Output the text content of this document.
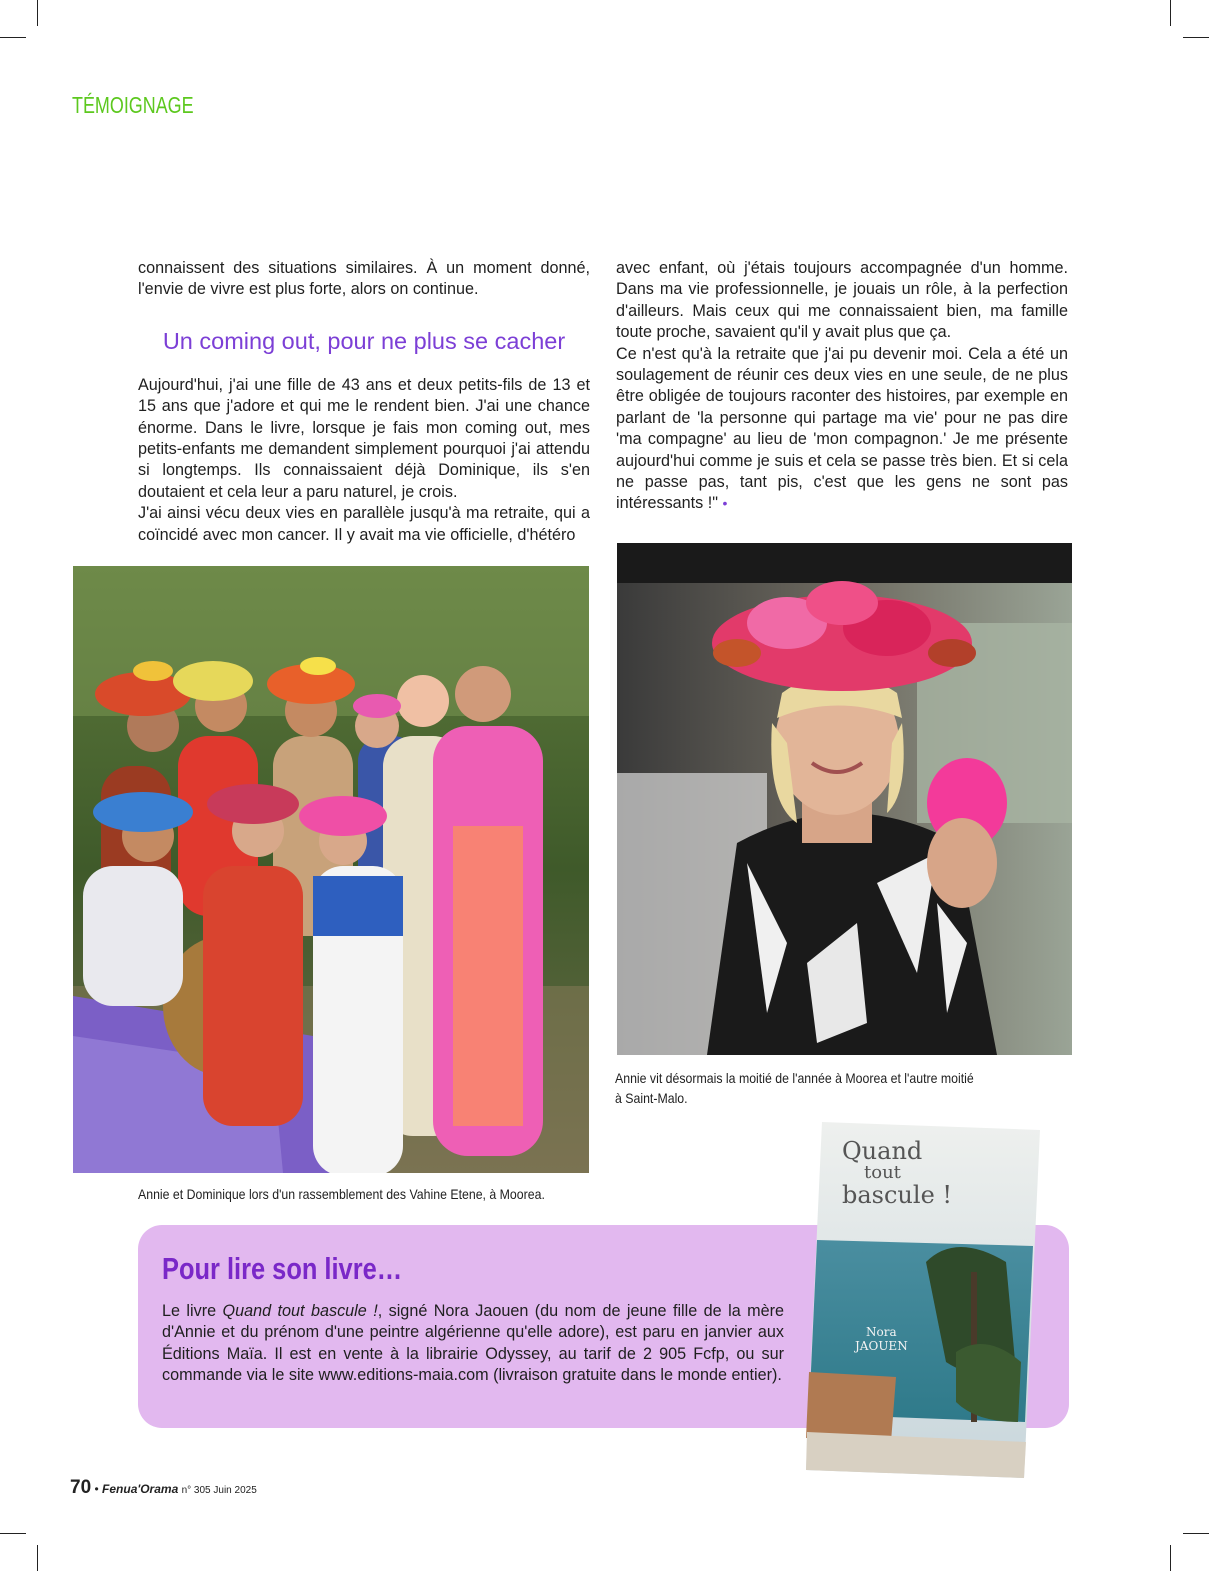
TÉMOIGNAGE

connaissent des situations similaires. À un moment donné, l'envie de vivre est plus forte, alors on continue.

Un coming out, pour ne plus se cacher

Aujourd'hui, j'ai une fille de 43 ans et deux petits-fils de 13 et 15 ans que j'adore et qui me le rendent bien. J'ai une chance énorme. Dans le livre, lorsque je fais mon coming out, mes petits-enfants me demandent simplement pourquoi j'ai attendu si longtemps. Ils connaissaient déjà Dominique, ils s'en doutaient et cela leur a paru naturel, je crois.

J'ai ainsi vécu deux vies en parallèle jusqu'à ma retraite, qui a coïncidé avec mon cancer. Il y avait ma vie officielle, d'hétéro

avec enfant, où j'étais toujours accompagnée d'un homme. Dans ma vie professionnelle, je jouais un rôle, à la perfection d'ailleurs. Mais ceux qui me connaissaient bien, ma famille toute proche, savaient qu'il y avait plus que ça.

Ce n'est qu'à la retraite que j'ai pu devenir moi. Cela a été un soulagement de réunir ces deux vies en une seule, de ne plus être obligée de toujours raconter des histoires, par exemple en parlant de 'la personne qui partage ma vie' pour ne pas dire 'ma compagne' au lieu de 'mon compagnon.' Je me présente aujourd'hui comme je suis et cela se passe très bien. Et si cela ne passe pas, tant pis, c'est que les gens ne sont pas intéressants !" •

Annie et Dominique lors d'un rassemblement des Vahine Etene, à Moorea.
Annie vit désormais la moitié de l'année à Moorea et l'autre moitié
à Saint-Malo.
Pour lire son livre…
Le livre Quand tout bascule !, signé Nora Jaouen (du nom de jeune fille de la mère d'Annie et du prénom d'une peintre algérienne qu'elle adore), est paru en janvier aux Éditions Maïa. Il est en vente à la librairie Odyssey, au tarif de 2 905 Fcfp, ou sur commande via le site www.editions-maia.com (livraison gratuite dans le monde entier).
Quand
tout
bascule !
Nora
JAOUEN
70 • Fenua'Orama n° 305 Juin 2025
